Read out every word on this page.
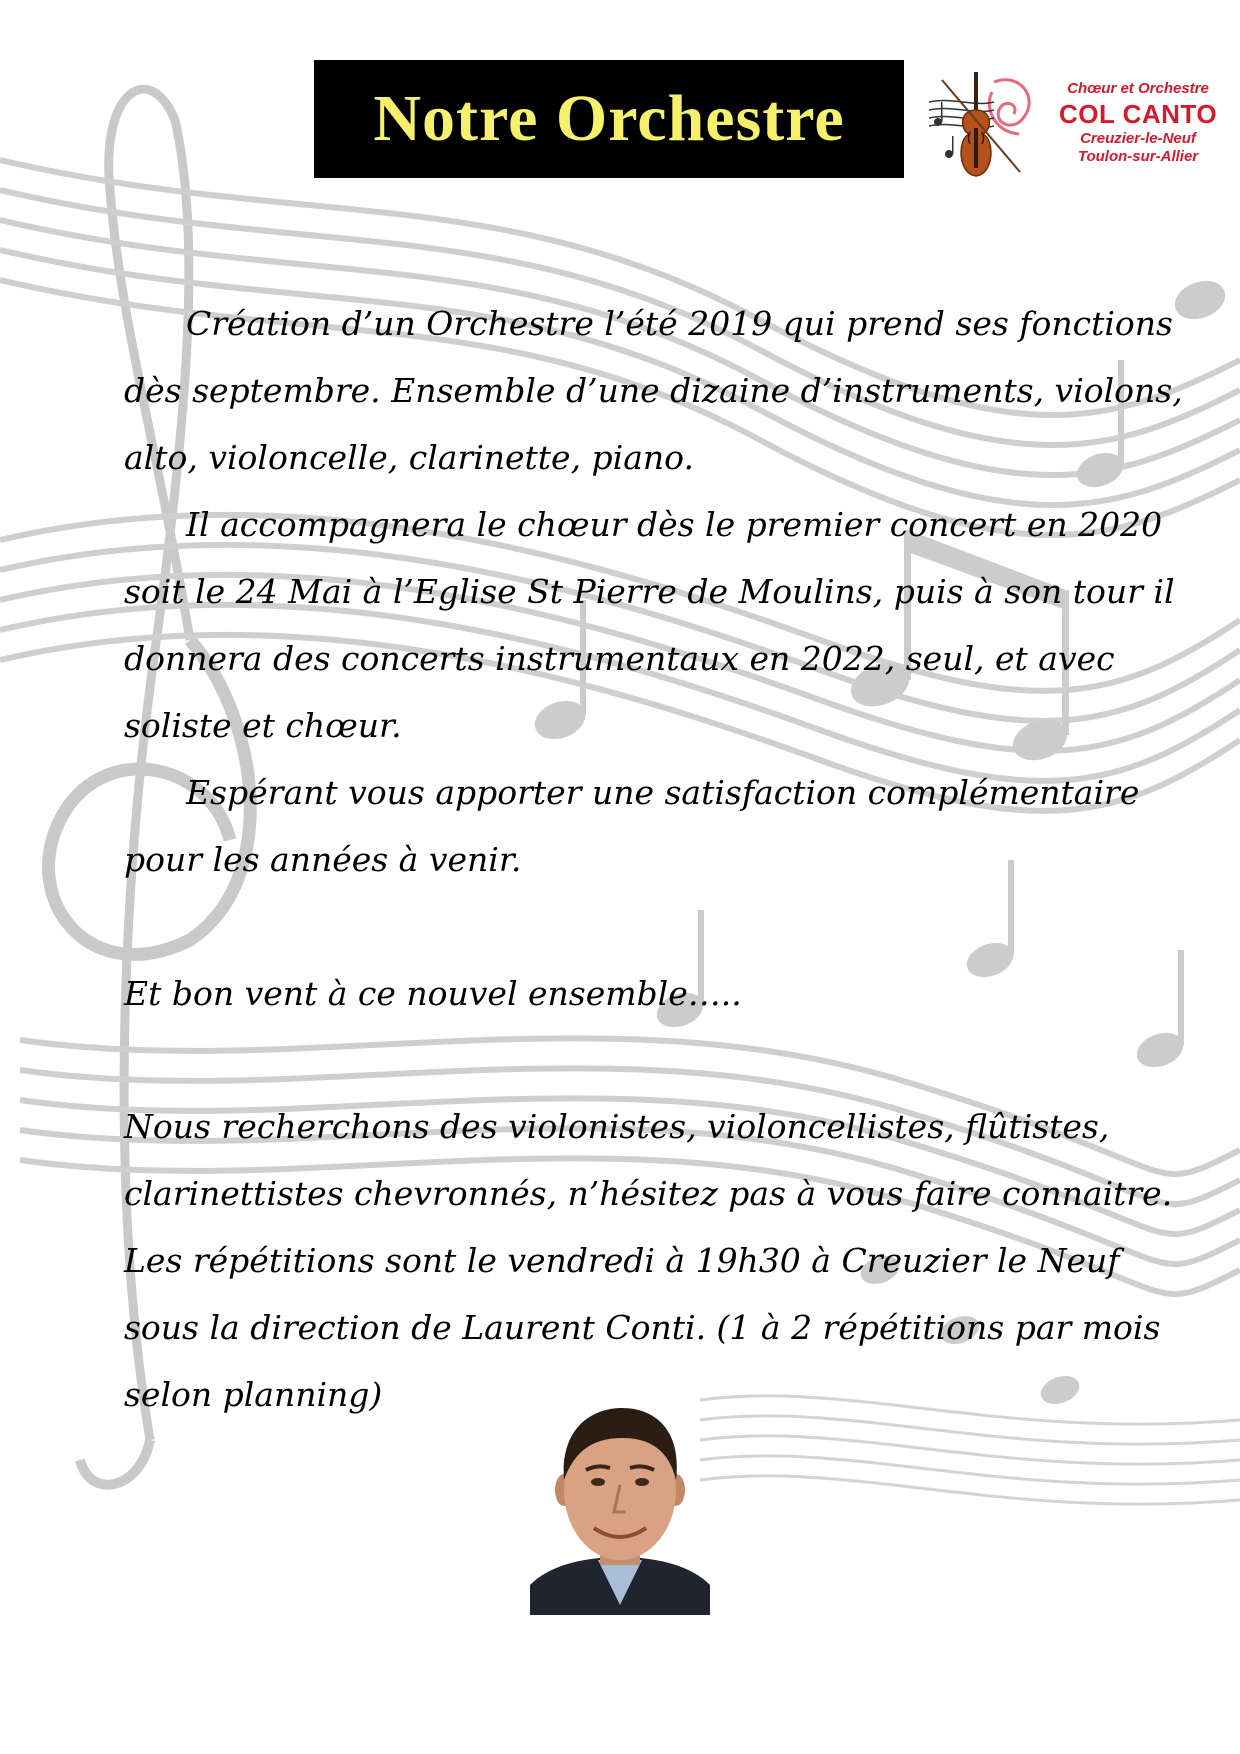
Notre Orchestre	Chœur et Orchestre
COL CANTO
Creuzier-le-Neuf
Toulon-sur-Allier

Création d’un Orchestre l’été 2019 qui prend ses fonctions dès septembre. Ensemble d’une dizaine d’instruments, violons, alto, violoncelle, clarinette, piano.

Il accompagnera le chœur dès le premier concert en 2020 soit le 24 Mai à l’Eglise St Pierre de Moulins, puis à son tour il donnera des concerts instrumentaux en 2022, seul, et avec soliste et chœur.

Espérant vous apporter une satisfaction complémentaire pour les années à venir.

Et bon vent à ce nouvel ensemble…..

Nous recherchons des violonistes, violoncellistes, flûtistes, clarinettistes chevronnés, n’hésitez pas à vous faire connaitre. Les répétitions sont le vendredi à 19h30 à Creuzier le Neuf sous la direction de Laurent Conti. (1 à 2 répétitions par mois selon planning)
